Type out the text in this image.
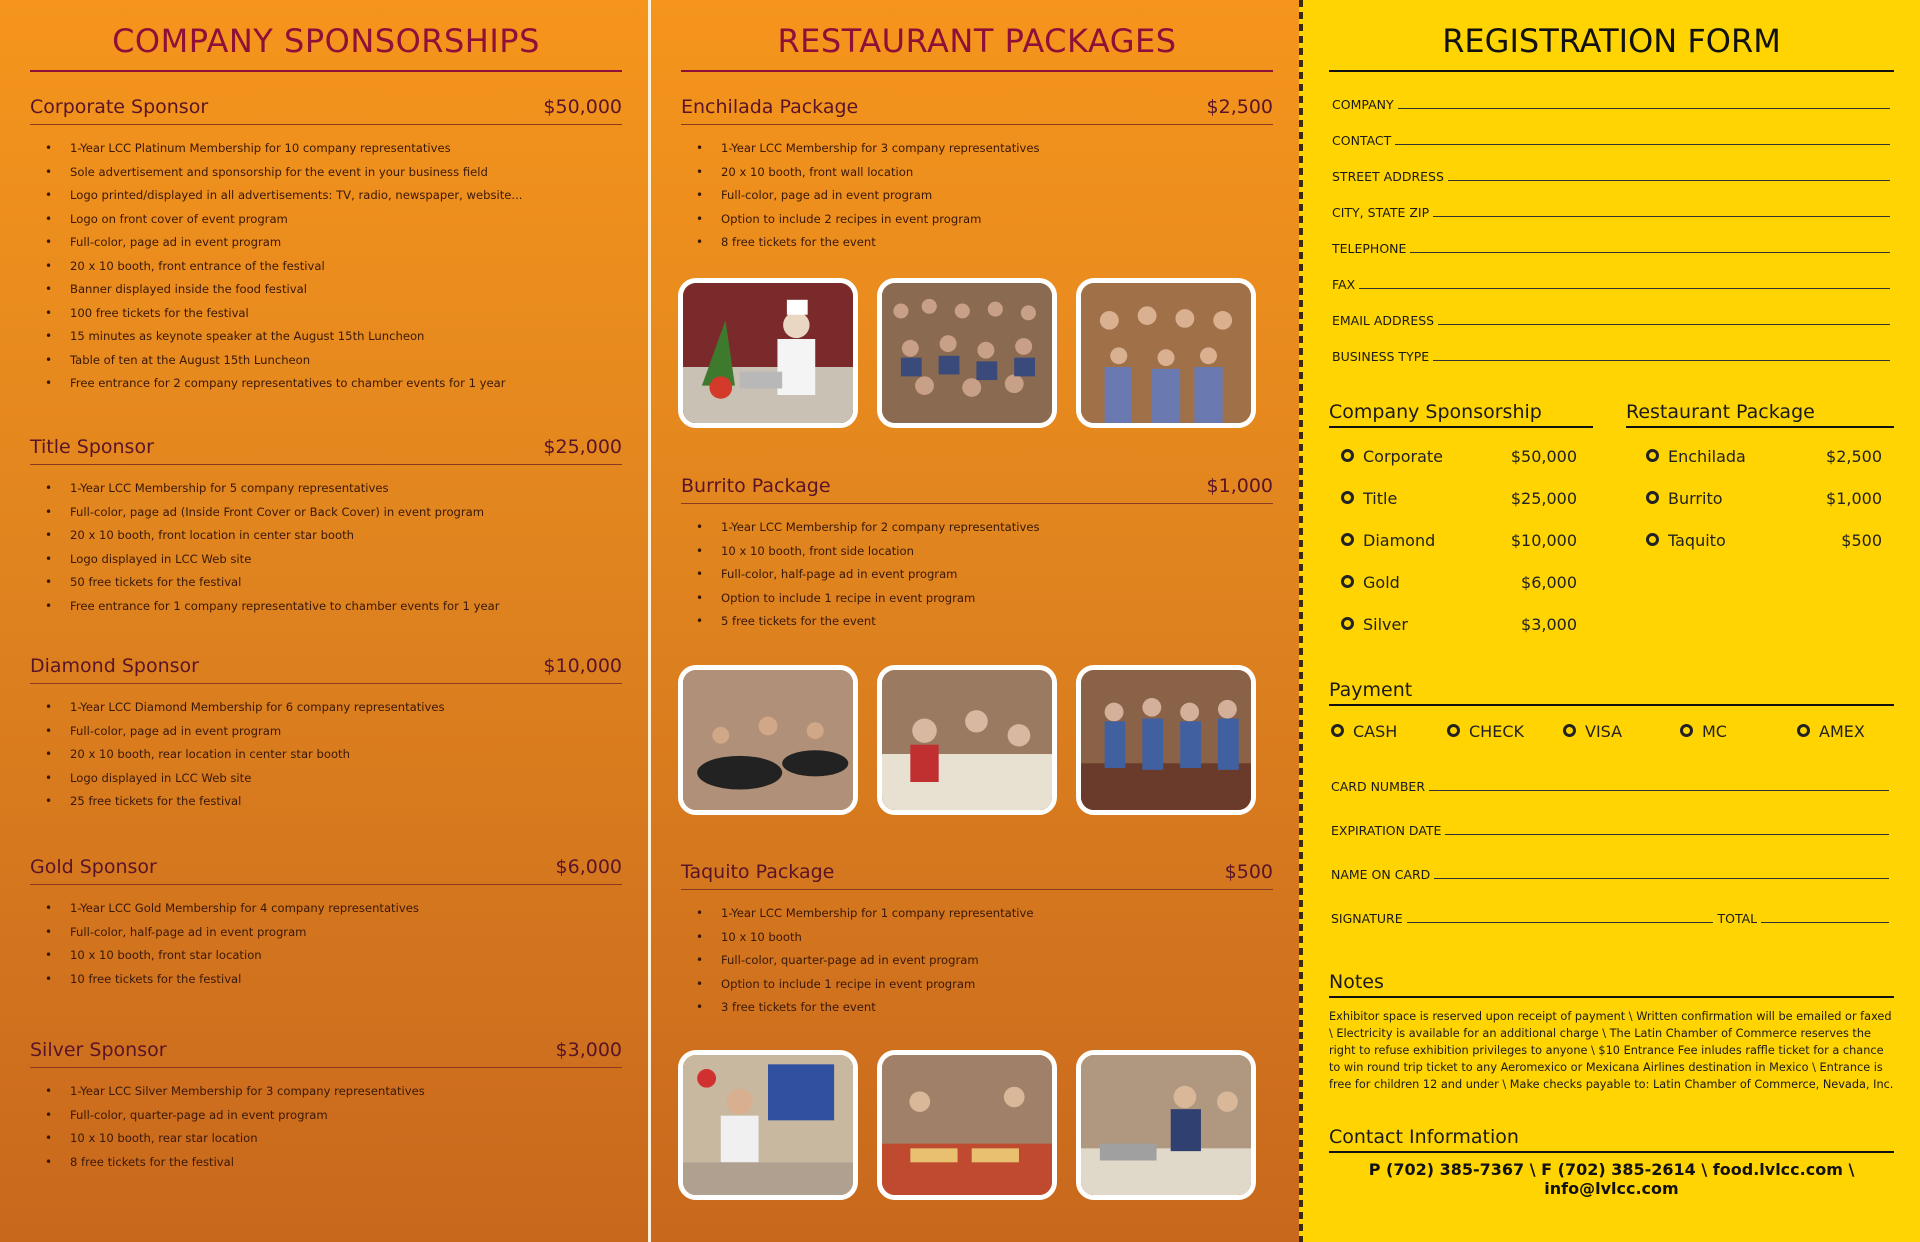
COMPANY SPONSORSHIPS
Corporate Sponsor	$50,000
• 1-Year LCC Platinum Membership for 10 company representatives
• Sole advertisement and sponsorship for the event in your business field
• Logo printed/displayed in all advertisements: TV, radio, newspaper, website...
• Logo on front cover of event program
• Full-color, page ad in event program
• 20 x 10 booth, front entrance of the festival
• Banner displayed inside the food festival
• 100 free tickets for the festival
• 15 minutes as keynote speaker at the August 15th Luncheon
• Table of ten at the August 15th Luncheon
• Free entrance for 2 company representatives to chamber events for 1 year
Title Sponsor	$25,000
• 1-Year LCC Membership for 5 company representatives
• Full-color, page ad (Inside Front Cover or Back Cover) in event program
• 20 x 10 booth, front location in center star booth
• Logo displayed in LCC Web site
• 50 free tickets for the festival
• Free entrance for 1 company representative to chamber events for 1 year
Diamond Sponsor	$10,000
• 1-Year LCC Diamond Membership for 6 company representatives
• Full-color, page ad in event program
• 20 x 10 booth, rear location in center star booth
• Logo displayed in LCC Web site
• 25 free tickets for the festival
Gold Sponsor	$6,000
• 1-Year LCC Gold Membership for 4 company representatives
• Full-color, half-page ad in event program
• 10 x 10 booth, front star location
• 10 free tickets for the festival
Silver Sponsor	$3,000
• 1-Year LCC Silver Membership for 3 company representatives
• Full-color, quarter-page ad in event program
• 10 x 10 booth, rear star location
• 8 free tickets for the festival
RESTAURANT PACKAGES
Enchilada Package	$2,500
• 1-Year LCC Membership for 3 company representatives
• 20 x 10 booth, front wall location
• Full-color, page ad in event program
• Option to include 2 recipes in event program
• 8 free tickets for the event
Burrito Package	$1,000
• 1-Year LCC Membership for 2 company representatives
• 10 x 10 booth, front side location
• Full-color, half-page ad in event program
• Option to include 1 recipe in event program
• 5 free tickets for the event
Taquito Package	$500
• 1-Year LCC Membership for 1 company representative
• 10 x 10 booth
• Full-color, quarter-page ad in event program
• Option to include 1 recipe in event program
• 3 free tickets for the event
REGISTRATION FORM
COMPANY
CONTACT
STREET ADDRESS
CITY, STATE ZIP
TELEPHONE
FAX
EMAIL ADDRESS
BUSINESS TYPE
Company Sponsorship	Restaurant Package
Corporate	$50,000
Title	$25,000
Diamond	$10,000
Gold	$6,000
Silver	$3,000
Enchilada	$2,500
Burrito	$1,000
Taquito	$500
Payment
CASH	CHECK	VISA	MC	AMEX
CARD NUMBER
EXPIRATION DATE
NAME ON CARD
SIGNATURE	TOTAL
Notes
Exhibitor space is reserved upon receipt of payment \ Written confirmation will be emailed or faxed \ Electricity is available for an additional charge \ The Latin Chamber of Commerce reserves the right to refuse exhibition privileges to anyone \ $10 Entrance Fee inludes raffle ticket for a chance to win round trip ticket to any Aeromexico or Mexicana Airlines destination in Mexico \ Entrance is free for children 12 and under \ Make checks payable to: Latin Chamber of Commerce, Nevada, Inc.
Contact Information
P (702) 385-7367 \ F (702) 385-2614 \ food.lvlcc.com \ info@lvlcc.com
